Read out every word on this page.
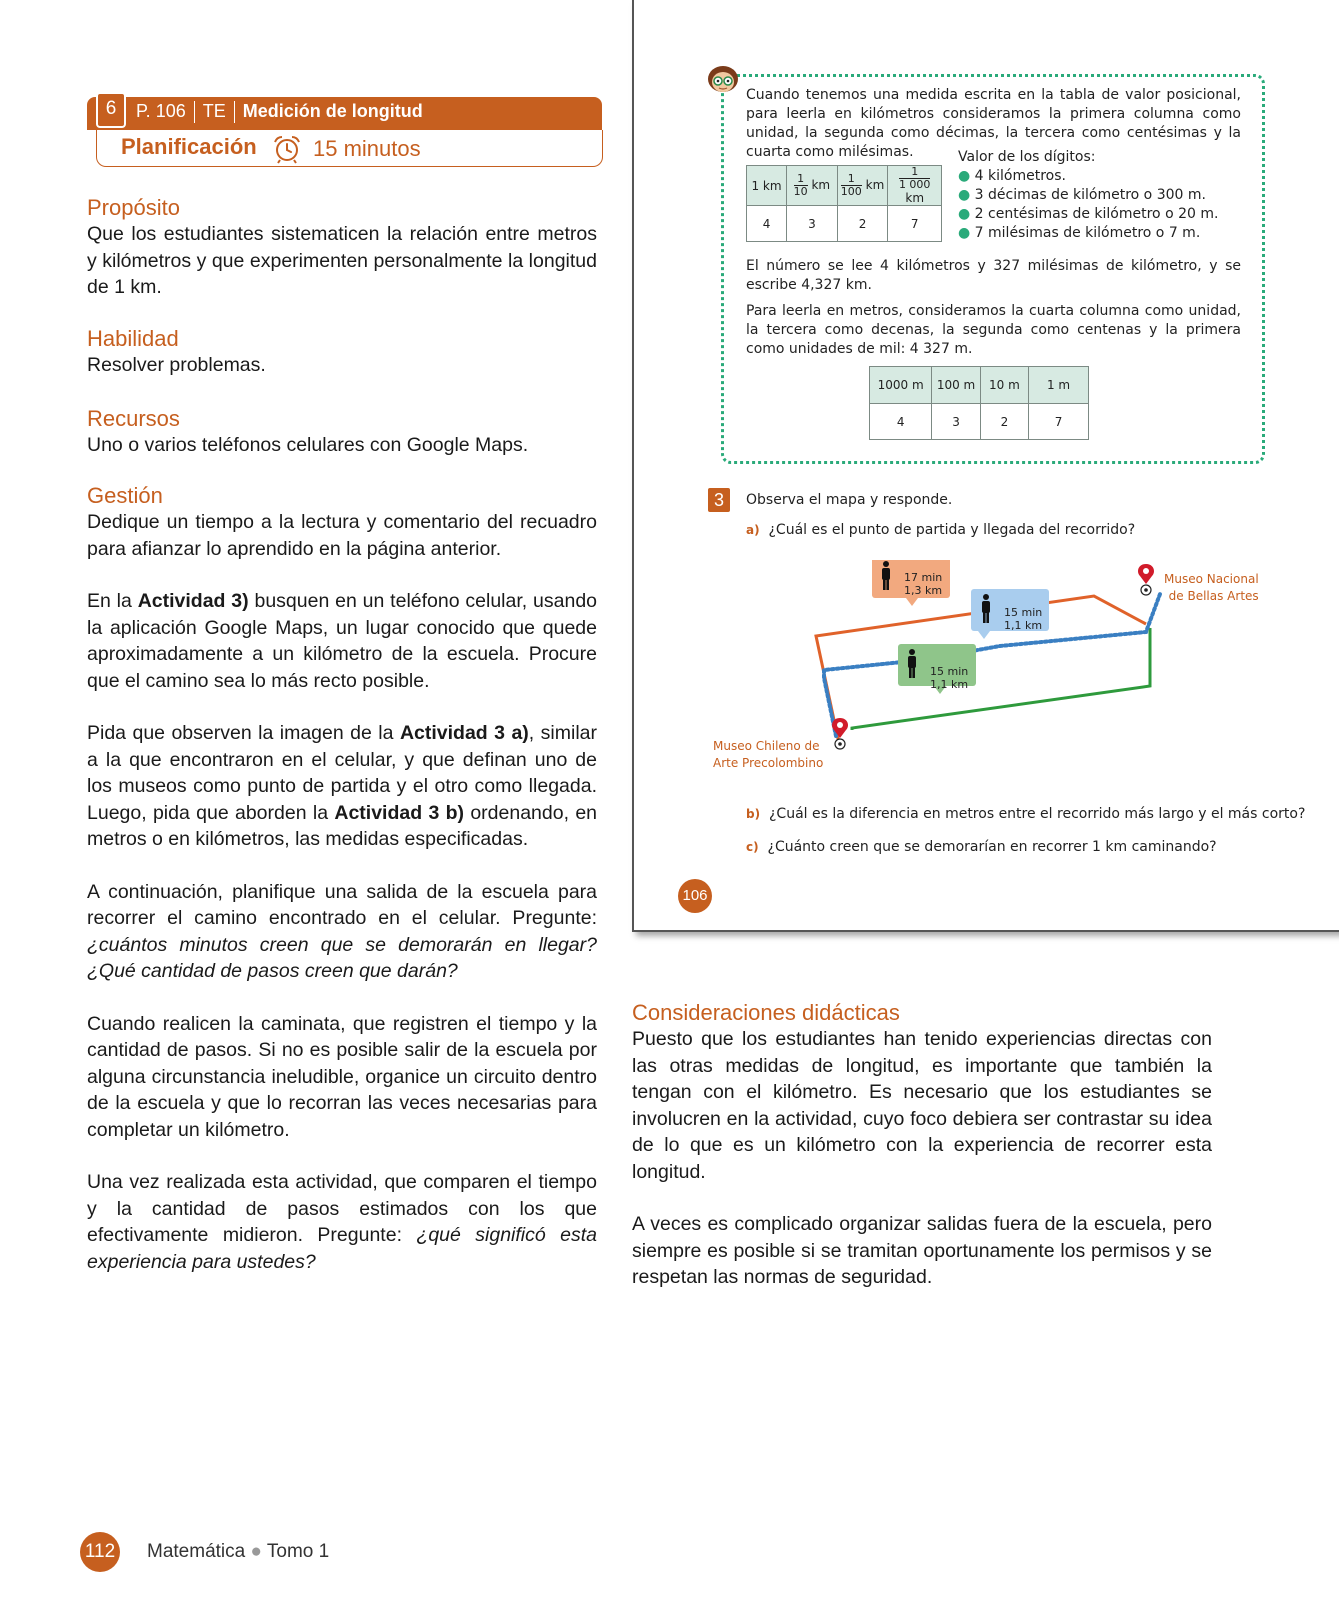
6	P. 106 TE Medición de longitud
Planificación	15 minutos
Propósito
Que los estudiantes sistematicen la relación entre metros y kilómetros y que experimenten personalmente la longitud de 1 km.
Habilidad
Resolver problemas.
Recursos
Uno o varios teléfonos celulares con Google Maps.
Gestión
Dedique un tiempo a la lectura y comentario del recuadro para afianzar lo aprendido en la página anterior.
En la Actividad 3) busquen en un teléfono celular, usando la aplicación Google Maps, un lugar conocido que quede aproximadamente a un kilómetro de la escuela. Procure que el camino sea lo más recto posible.
Pida que observen la imagen de la Actividad 3 a), similar a la que encontraron en el celular, y que definan uno de los museos como punto de partida y el otro como llegada. Luego, pida que aborden la Actividad 3 b) ordenando, en metros o en kilómetros, las medidas especificadas.
A continuación, planifique una salida de la escuela para recorrer el camino encontrado en el celular. Pregunte: ¿cuántos minutos creen que se demorarán en llegar? ¿Qué cantidad de pasos creen que darán?
Cuando realicen la caminata, que registren el tiempo y la cantidad de pasos. Si no es posible salir de la escuela por alguna circunstancia ineludible, organice un circuito dentro de la escuela y que lo recorran las veces necesarias para completar un kilómetro.
Una vez realizada esta actividad, que comparen el tiempo y la cantidad de pasos estimados con los que efectivamente midieron. Pregunte: ¿qué significó esta experiencia para ustedes?
Cuando tenemos una medida escrita en la tabla de valor posicional, para leerla en kilómetros consideramos la primera columna como unidad, la segunda como décimas, la tercera como centésimas y la cuarta como milésimas.
1 km	$\frac{1}{10}$ km	$\frac{1}{100}$ km	$\frac{1}{1 000}$
km
4	3	2	7
Valor de los dígitos:
● 4 kilómetros.
● 3 décimas de kilómetro o 300 m.
● 2 centésimas de kilómetro o 20 m.
● 7 milésimas de kilómetro o 7 m.
El número se lee 4 kilómetros y 327 milésimas de kilómetro, y se escribe 4,327 km.
Para leerla en metros, consideramos la cuarta columna como unidad, la tercera como decenas, la segunda como centenas y la primera como unidades de mil: 4 327 m.
1000 m	100 m	10 m	1 m
4	3	2	7
3	Observa el mapa y responde.
a) ¿Cuál es el punto de partida y llegada del recorrido?
17 min
1,3 km
15 min
1,1 km
15 min
1,1 km
Museo Nacional
de Bellas Artes
Museo Chileno de
Arte Precolombino
b) ¿Cuál es la diferencia en metros entre el recorrido más largo y el más corto?
c) ¿Cuánto creen que se demorarían en recorrer 1 km caminando?
106
Consideraciones didácticas
Puesto que los estudiantes han tenido experiencias directas con las otras medidas de longitud, es importante que también la tengan con el kilómetro. Es necesario que los estudiantes se involucren en la actividad, cuyo foco debiera ser contrastar su idea de lo que es un kilómetro con la experiencia de recorrer esta longitud.
A veces es complicado organizar salidas fuera de la escuela, pero siempre es posible si se tramitan oportunamente los permisos y se respetan las normas de seguridad.
112 Matemática ● Tomo 1
